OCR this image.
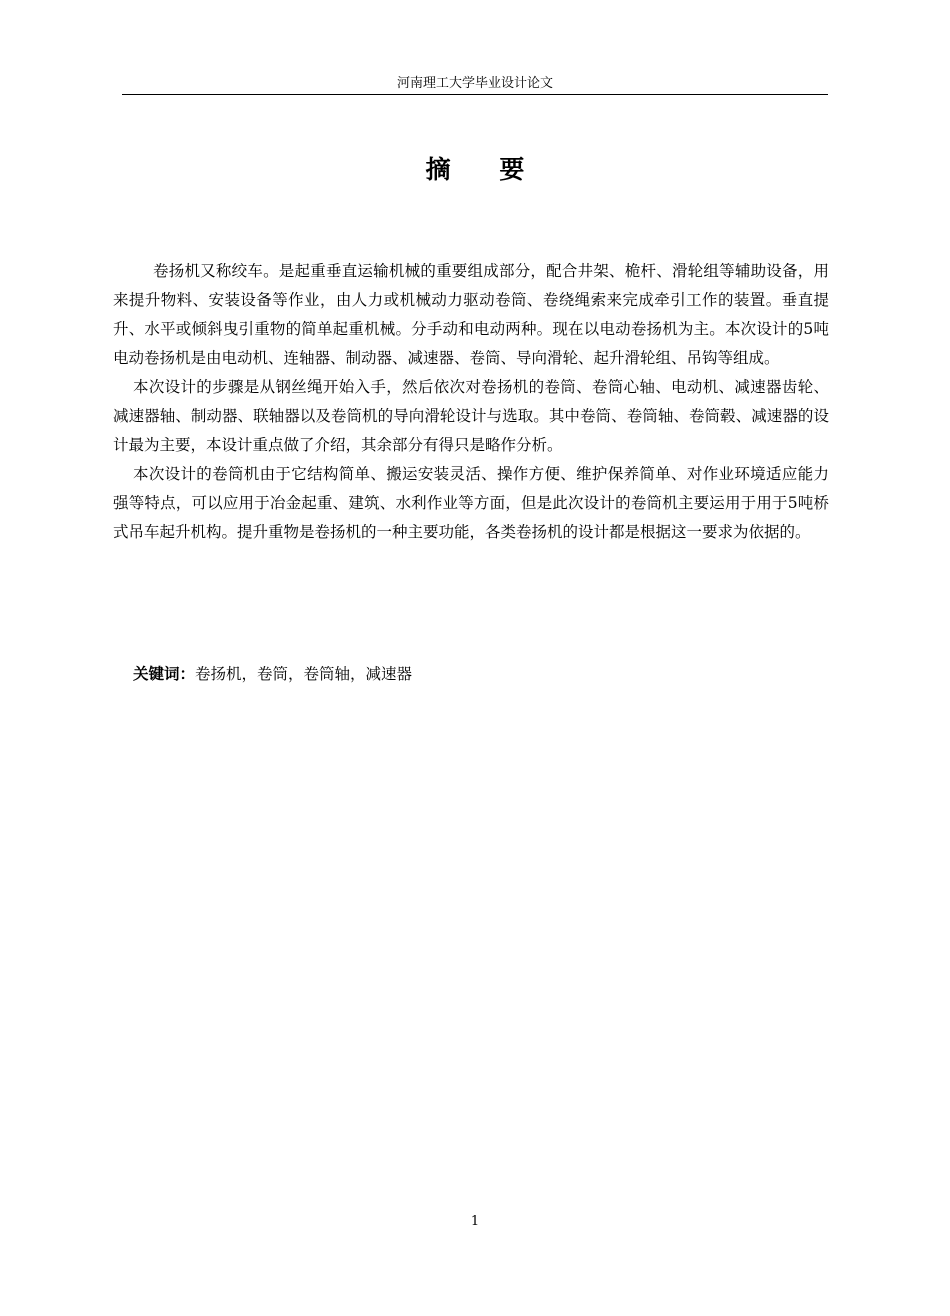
河南理工大学毕业设计论文
摘 要

卷扬机又称绞车。是起重垂直运输机械的重要组成部分，配合井架、桅杆、滑轮组等辅助设备，用来提升物料、安装设备等作业，由人力或机械动力驱动卷筒、卷绕绳索来完成牵引工作的装置。垂直提升、水平或倾斜曳引重物的简单起重机械。分手动和电动两种。现在以电动卷扬机为主。本次设计的5吨电动卷扬机是由电动机、连轴器、制动器、减速器、卷筒、导向滑轮、起升滑轮组、吊钩等组成。

本次设计的步骤是从钢丝绳开始入手，然后依次对卷扬机的卷筒、卷筒心轴、电动机、减速器齿轮、减速器轴、制动器、联轴器以及卷筒机的导向滑轮设计与选取。其中卷筒、卷筒轴、卷筒毂、减速器的设计最为主要，本设计重点做了介绍，其余部分有得只是略作分析。

本次设计的卷筒机由于它结构简单、搬运安装灵活、操作方便、维护保养简单、对作业环境适应能力强等特点，可以应用于冶金起重、建筑、水利作业等方面，但是此次设计的卷筒机主要运用于用于5吨桥式吊车起升机构。提升重物是卷扬机的一种主要功能，各类卷扬机的设计都是根据这一要求为依据的。

关键词：卷扬机，卷筒，卷筒轴，减速器
1
